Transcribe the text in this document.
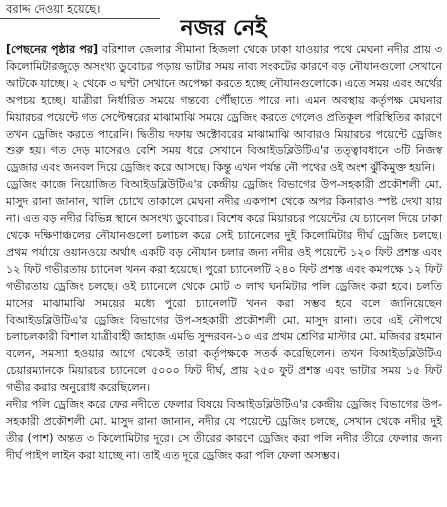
বরাদ্দ দেওয়া হয়েছে।
নজর নেই

[পেছনের পৃষ্ঠার পর] বরিশাল জেলার সীমানা হিজলা থেকে ঢাকা যাওয়ার পথে মেঘনা নদীর প্রায় ৩ কিলোমিটারজুড়ে অসংখ্য ডুবোচর পড়ায় ভাটার সময় নাব্য সংকটের কারণে বড় নৌযানগুলো সেখানে আটকে যাচ্ছে। ২ থেকে ৩ ঘণ্টা সেখানে অপেক্ষা করতে হচ্ছে নৌযানগুলোকে। এতে সময় এবং অর্থের অপচয় হচ্ছে। যাত্রীরা নির্ধারিত সময়ে গন্তব্যে পৌঁছাতে পারে না। এমন অবস্থায় কর্তৃপক্ষ মেঘনার মিয়ারচর পয়েন্টে গত সেপ্টেম্বরের মাঝামাঝি সময়ে ড্রেজিং করতে গেলেও প্রতিকূল পরিস্থিতির কারণে তখন ড্রেজিং করতে পারেনি। দ্বিতীয় দফায় অক্টোবরের মাঝামাঝি আবারও মিয়ারচর পয়েন্টে ড্রেজিং শুরু হয়। গত দেড় মাসেরও বেশি সময় ধরে সেখানে বিআইডব্লিউটিএ'র তত্ত্বাবধানে ৩টি নিজস্ব ড্রেজার এবং জনবল দিয়ে ড্রেজিং করে আসছে। কিন্তু এখন পর্যন্ত নৌ পথের ওই অংশ ঝুঁকিমুক্ত হয়নি।

ড্রেজিং কাজে নিয়োজিত বিআইডব্লিউটিএ'র কেন্দ্রীয় ড্রেজিং বিভাগের উপ-সহকারী প্রকৌশলী মো. মাসুদ রানা জানান, খালি চোখে তাকালে মেঘনা নদীর একপাশ থেকে অপর কিনারাও স্পষ্ট দেখা যায় না। এত বড় নদীর বিভিন্ন স্থানে অসংখ্য ডুবোচর। বিশেষ করে মিয়ারচর পয়েন্টের যে চ্যানেল দিয়ে ঢাকা থেকে দক্ষিণাঞ্চলের নৌযানগুলো চলাচল করে সেই চ্যানেলের দুই কিলোমিটার দীর্ঘ ড্রেজিং চলছে। প্রথম পর্যায়ে ওয়ানওয়ে অর্থাৎ একটি বড় নৌযান চলার জন্য নদীর ওই পয়েন্টে ১২০ ফিট প্রশস্ত এবং ১২ ফিট গভীরতায় চ্যানেল খনন করা হয়েছে। পুরো চ্যানেলটি ২৪০ ফিট প্রশস্ত এবং কমপক্ষে ১২ ফিট গভীরতায় ড্রেজিং চলছে। ওই চ্যানেলে থেকে মোট ৩ লাখ ঘনমিটার পলি ড্রেজিং করা হবে। চলতি মাসের মাঝামাঝি সময়ের মধ্যে পুরো চ্যানেলটি খনন করা সম্ভব হবে বলে জানিয়েছেন বিআইডব্লিউটিএ'র ড্রেজিং বিভাগের উপ-সহকারী প্রকৌশলী মো. মাসুদ রানা। তবে এই নৌপথে চলাচলকারী বিশাল যাত্রীবাহী জাহাজ এমভি সুন্দরবন-১০ এর প্রথম শ্রেণির মাস্টার মো. মজিবর রহমান বলেন, সমস্যা হওয়ার আগে থেকেই তারা কর্তৃপক্ষকে সতর্ক করেছিলেন। তখন বিআইডব্লিউটিএ চেয়ারম্যানকে মিয়ারচর চ্যানেলে ৫০০০ ফিট দীর্ঘ, প্রায় ২৫০ ফুট প্রশস্ত এবং ভাটার সময় ১৫ ফিট গভীর করার অনুরোধ করেছিলেন।

নদীর পলি ড্রেজিং করে ফের নদীতে ফেলার বিষয়ে বিআইডব্লিউটিএ'র কেন্দ্রীয় ড্রেজিং বিভাগের উপ-সহকারী প্রকৌশলী মো. মাসুদ রানা জানান, নদীর যে পয়েন্টে ড্রেজিং চলছে, সেখান থেকে নদীর দুই তীর (পাশ) অন্তত ৩ কিলোমিটার দূরে। সে তীরের কারণে ড্রেজিং করা পলি নদীর তীরে ফেলার জন্য দীর্ঘ পাইপ লাইন করা যাচ্ছে না। তাই এত দূরে ড্রেজিং করা পলি ফেলা অসম্ভব।
